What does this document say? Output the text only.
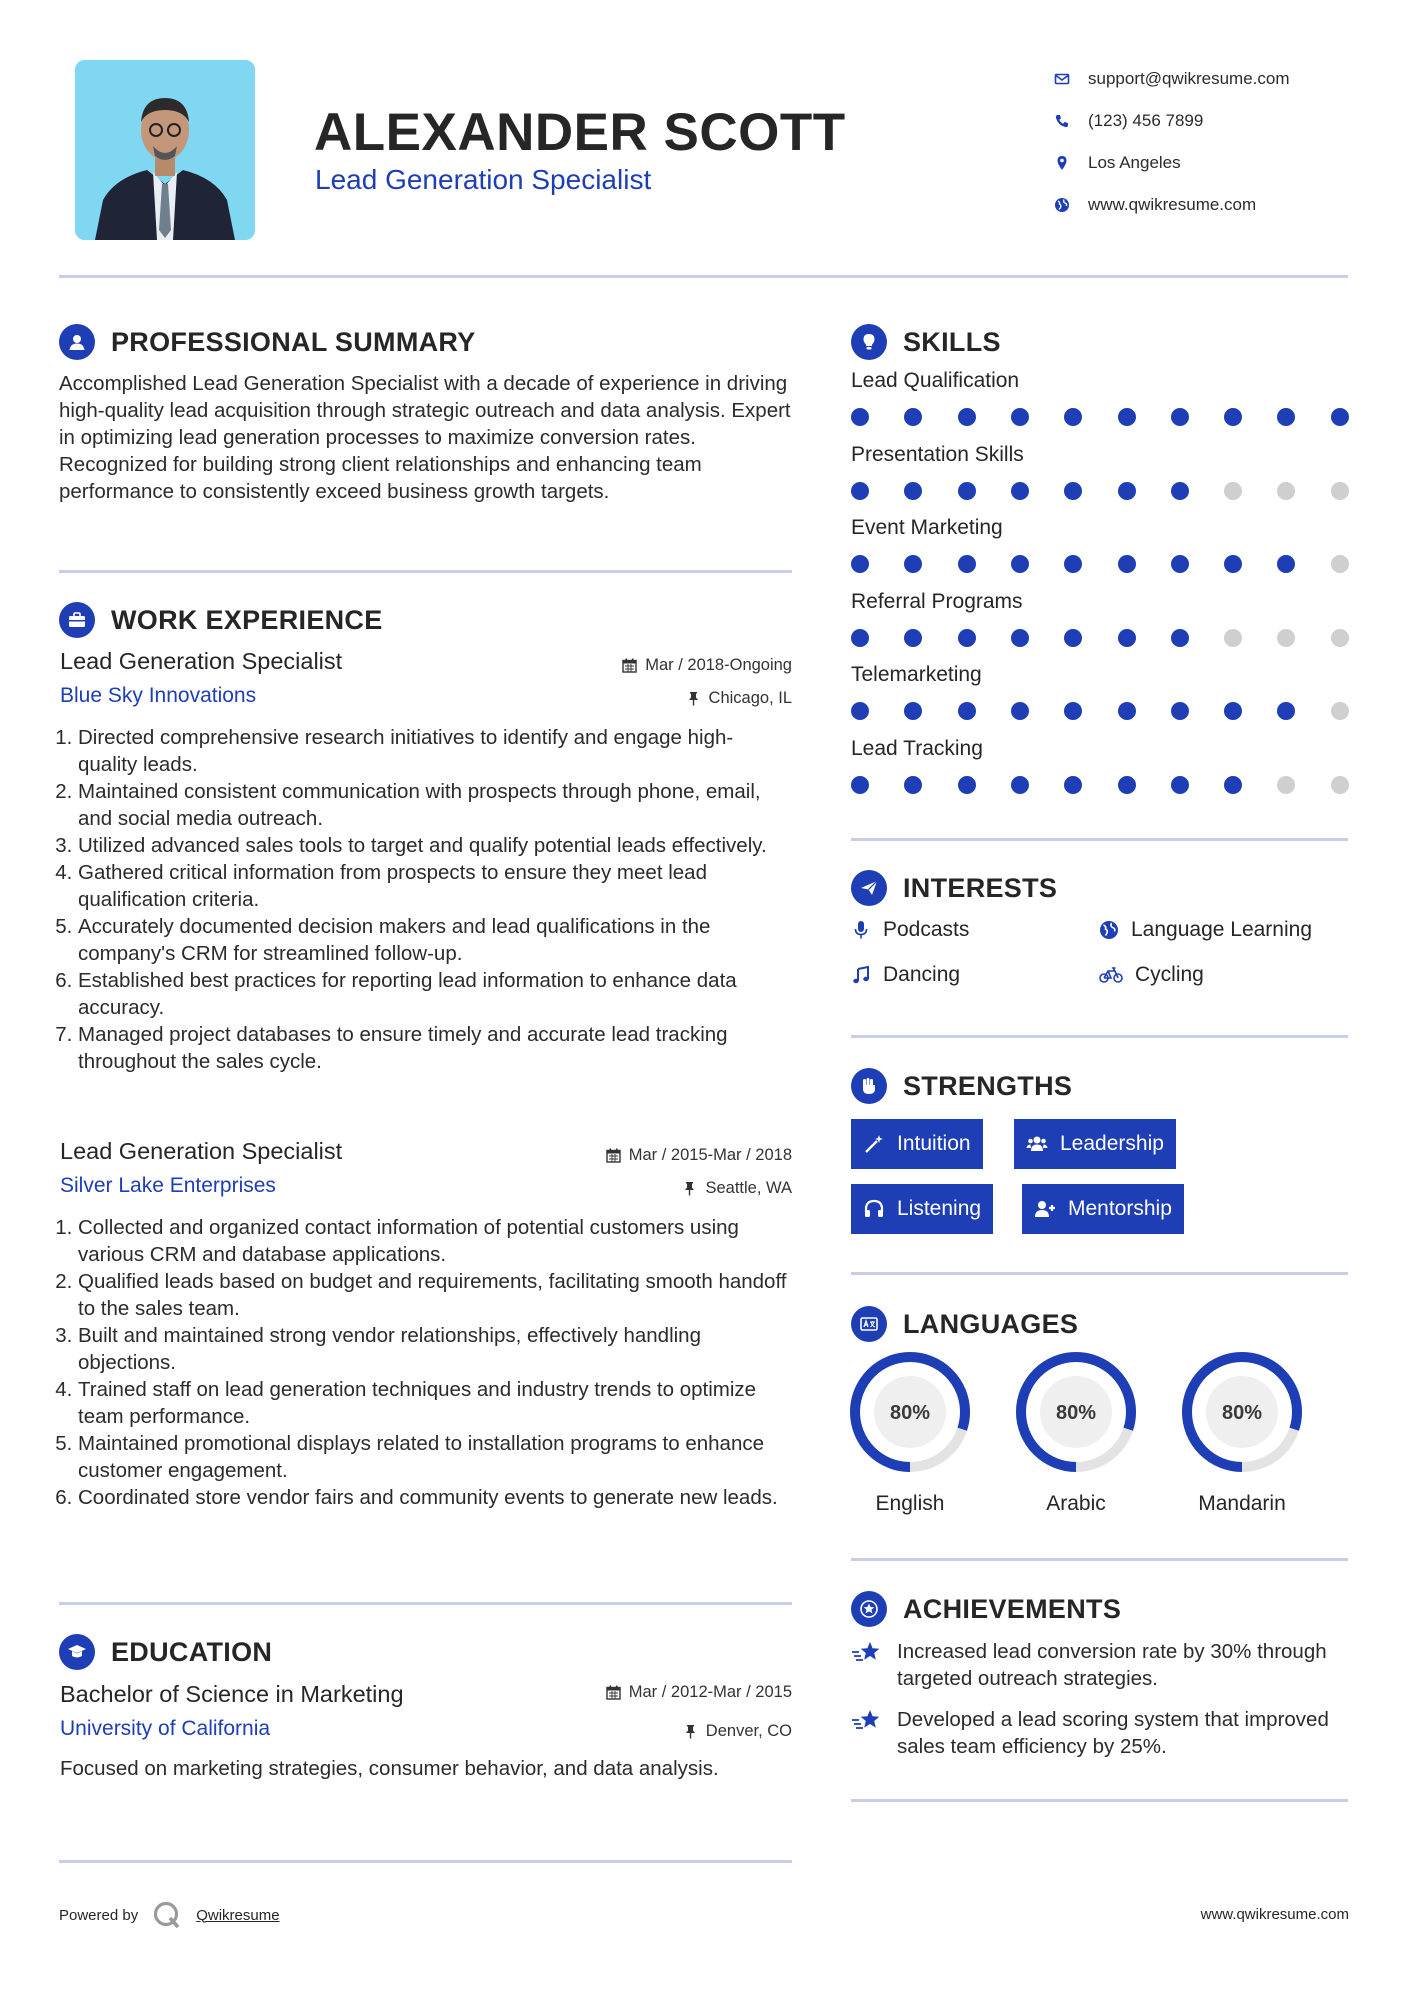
ALEXANDER SCOTT
Lead Generation Specialist
support@qwikresume.com
(123) 456 7899
Los Angeles
www.qwikresume.com
PROFESSIONAL SUMMARY
Accomplished Lead Generation Specialist with a decade of experience in driving high-quality lead acquisition through strategic outreach and data analysis. Expert in optimizing lead generation processes to maximize conversion rates. Recognized for building strong client relationships and enhancing team performance to consistently exceed business growth targets.
WORK EXPERIENCE
Lead Generation Specialist	Mar / 2018-Ongoing
Blue Sky Innovations	Chicago, IL
1. Directed comprehensive research initiatives to identify and engage high-quality leads.
2. Maintained consistent communication with prospects through phone, email, and social media outreach.
3. Utilized advanced sales tools to target and qualify potential leads effectively.
4. Gathered critical information from prospects to ensure they meet lead qualification criteria.
5. Accurately documented decision makers and lead qualifications in the company's CRM for streamlined follow-up.
6. Established best practices for reporting lead information to enhance data accuracy.
7. Managed project databases to ensure timely and accurate lead tracking throughout the sales cycle.
Lead Generation Specialist	Mar / 2015-Mar / 2018
Silver Lake Enterprises	Seattle, WA
1. Collected and organized contact information of potential customers using various CRM and database applications.
2. Qualified leads based on budget and requirements, facilitating smooth handoff to the sales team.
3. Built and maintained strong vendor relationships, effectively handling objections.
4. Trained staff on lead generation techniques and industry trends to optimize team performance.
5. Maintained promotional displays related to installation programs to enhance customer engagement.
6. Coordinated store vendor fairs and community events to generate new leads.
EDUCATION
Bachelor of Science in Marketing	Mar / 2012-Mar / 2015
University of California	Denver, CO
Focused on marketing strategies, consumer behavior, and data analysis.
SKILLS
Lead Qualification
Presentation Skills
Event Marketing
Referral Programs
Telemarketing
Lead Tracking
INTERESTS
Podcasts	Language Learning
Dancing	Cycling
STRENGTHS
Intuition	Leadership
Listening	Mentorship
LANGUAGES
80%
English
80%
Arabic
80%
Mandarin
ACHIEVEMENTS
Increased lead conversion rate by 30% through targeted outreach strategies.
Developed a lead scoring system that improved sales team efficiency by 25%.
Powered by	Qwikresume	www.qwikresume.com
